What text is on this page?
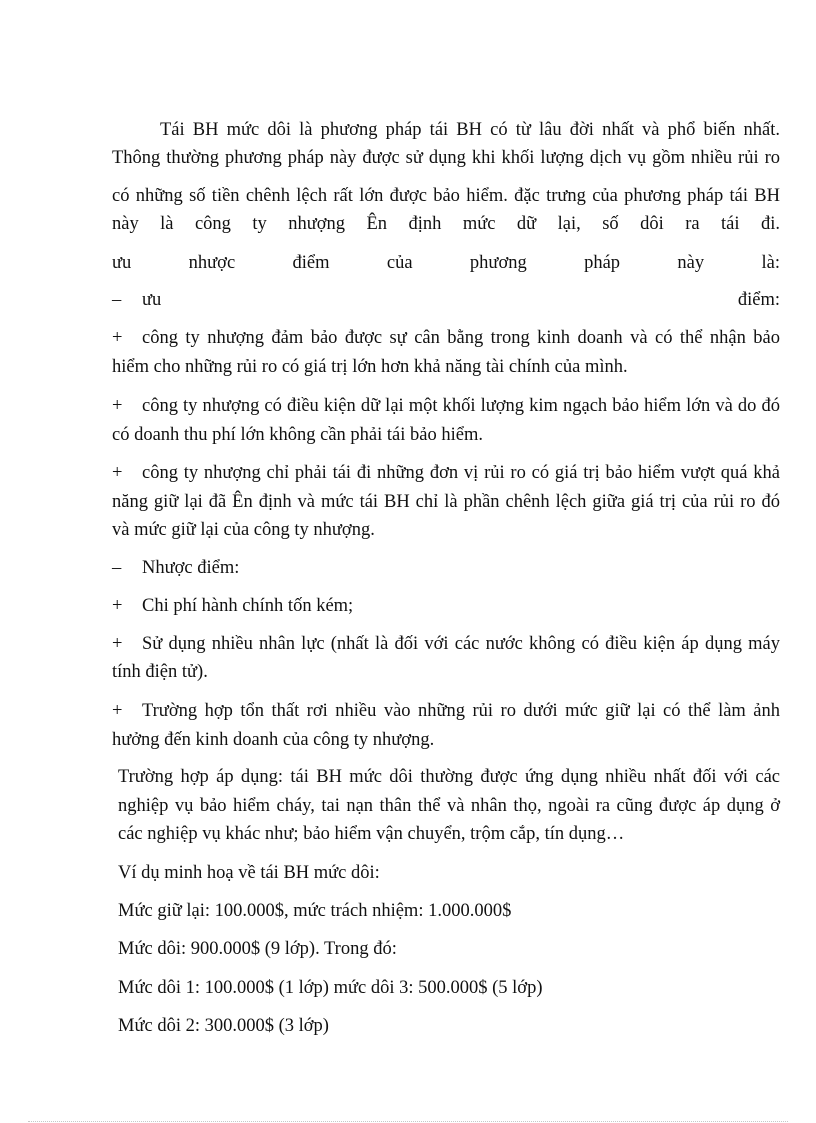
Tái BH mức dôi là phương pháp tái BH có từ lâu đời nhất và phổ biến nhất.

Thông thường phương pháp này được sử dụng khi khối lượng dịch vụ gồm nhiều rủi ro

có những số tiền chênh lệch rất lớn được bảo hiểm. đặc trưng của phương pháp tái BH

này là công ty nhượng Ên định mức dữ lại, số dôi ra tái đi.

ưu nhược điểm của phương pháp này là:

– ưu	điểm:
+ công ty nhượng đảm bảo được sự cân bằng trong kinh doanh và có thể nhận bảo

hiểm cho những rủi ro có giá trị lớn hơn khả năng tài chính của mình.

+ công ty nhượng có điều kiện dữ lại một khối lượng kim ngạch bảo hiểm lớn và do đó

có doanh thu phí lớn không cần phải tái bảo hiểm.

+ công ty nhượng chỉ phải tái đi những đơn vị rủi ro có giá trị bảo hiểm vượt quá khả

năng giữ lại đã Ên định và mức tái BH chỉ là phần chênh lệch giữa giá trị của rủi ro đó

và mức giữ lại của công ty nhượng.

– Nhược điểm:
+ Chi phí hành chính tốn kém;
+ Sử dụng nhiều nhân lực (nhất là đối với các nước không có điều kiện áp dụng máy

tính điện tử).

+ Trường hợp tổn thất rơi nhiều vào những rủi ro dưới mức giữ lại có thể làm ảnh

hưởng đến kinh doanh của công ty nhượng.

Trường hợp áp dụng: tái BH mức dôi thường được ứng dụng nhiều nhất đối với các

nghiệp vụ bảo hiểm cháy, tai nạn thân thể và nhân thọ, ngoài ra cũng được áp dụng ở

các nghiệp vụ khác như; bảo hiểm vận chuyển, trộm cắp, tín dụng…

Ví dụ minh hoạ về tái BH mức dôi:

Mức giữ lại: 100.000$, mức trách nhiệm: 1.000.000$

Mức dôi: 900.000$ (9 lớp). Trong đó:

Mức dôi 1: 100.000$ (1 lớp) mức dôi 3: 500.000$ (5 lớp)

Mức dôi 2: 300.000$ (3 lớp)
